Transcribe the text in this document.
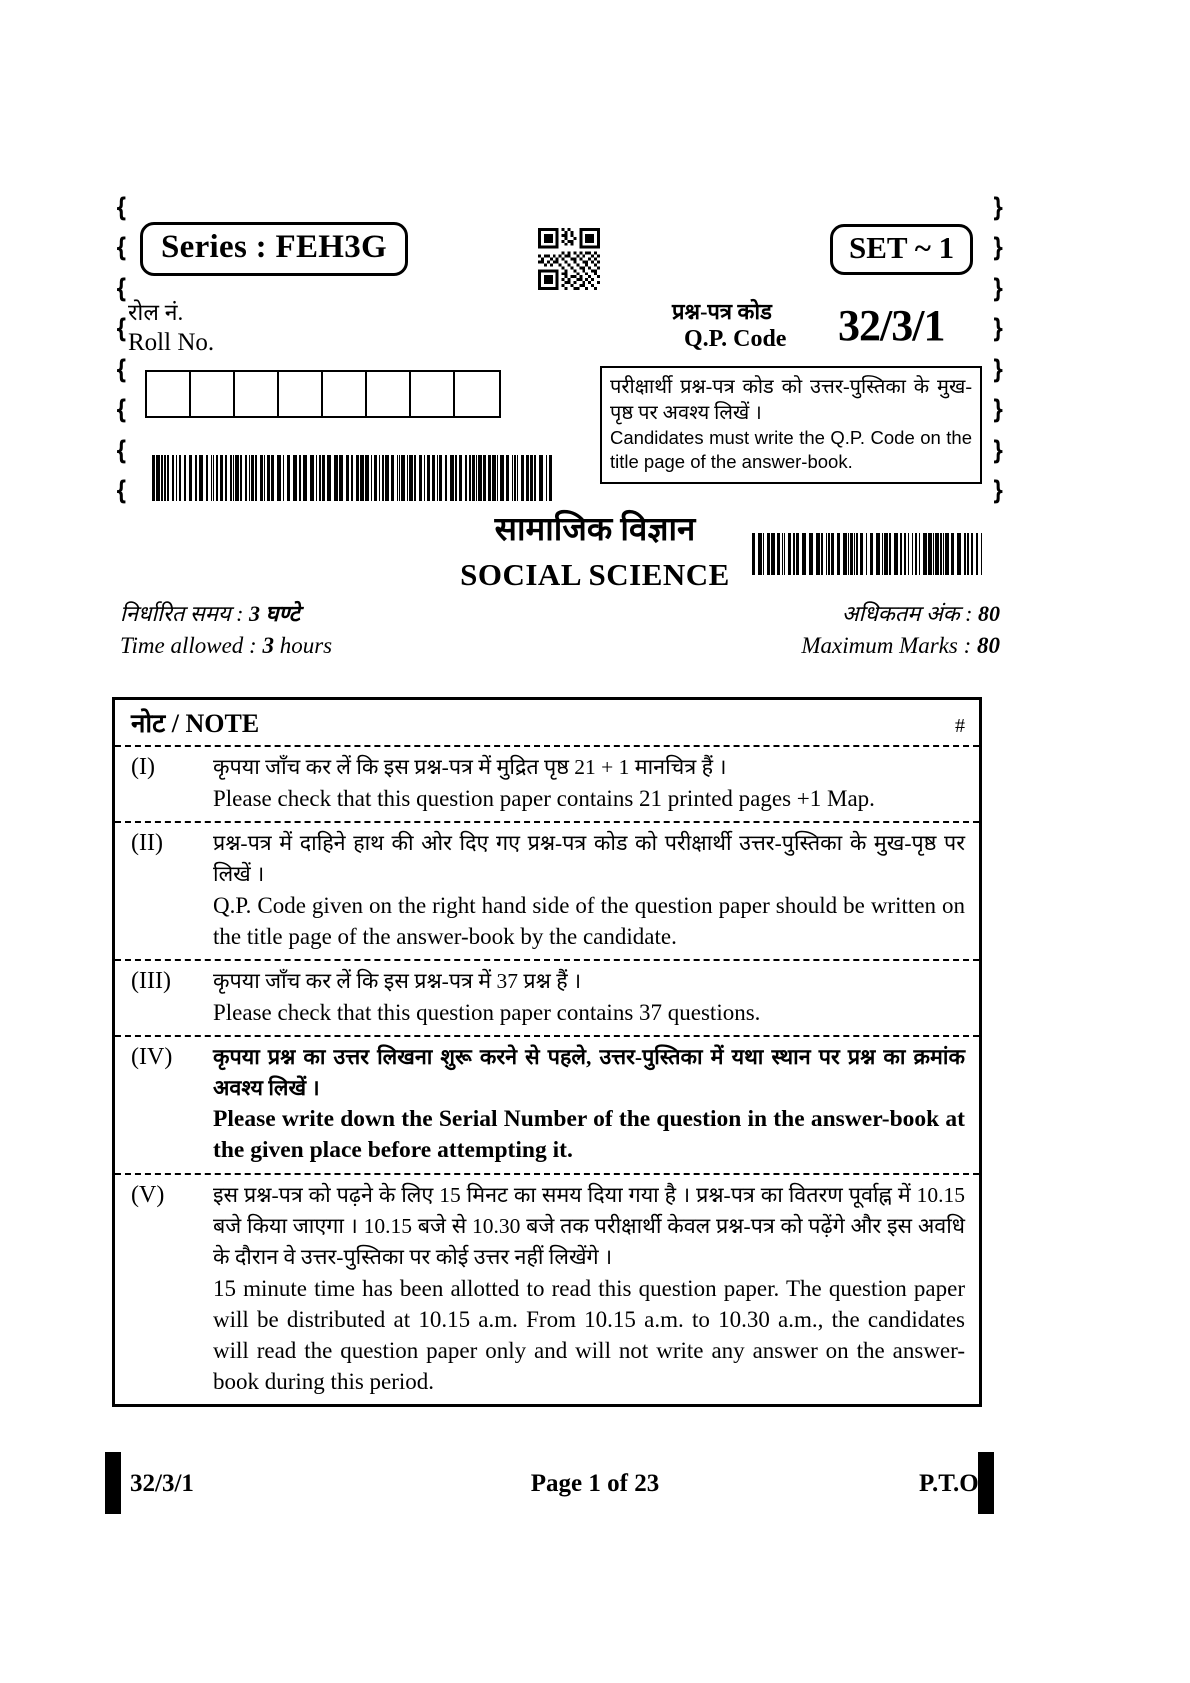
{
{
{
{
{
{
{
{
}
}
}
}
}
}
}
}
Series : FEH3G	SET ~ 1
रोल नं.
Roll No.
प्रश्न-पत्र कोड
Q.P. Code 32/3/1
परीक्षार्थी प्रश्न-पत्र कोड को उत्तर-पुस्तिका के मुख-पृष्ठ पर अवश्य लिखें ।
Candidates must write the Q.P. Code on the title page of the answer-book.
सामाजिक विज्ञान
SOCIAL SCIENCE
निर्धारित समय : 3 घण्टे
Time allowed : 3 hours
अधिकतम अंक : 80
Maximum Marks : 80
नोट / NOTE	#
(I)	कृपया जाँच कर लें कि इस प्रश्न-पत्र में मुद्रित पृष्ठ 21 + 1 मानचित्र हैं ।
Please check that this question paper contains 21 printed pages +1 Map.
(II)	प्रश्न-पत्र में दाहिने हाथ की ओर दिए गए प्रश्न-पत्र कोड को परीक्षार्थी उत्तर-पुस्तिका के मुख-पृष्ठ पर लिखें ।
Q.P. Code given on the right hand side of the question paper should be written on the title page of the answer-book by the candidate.
(III)	कृपया जाँच कर लें कि इस प्रश्न-पत्र में 37 प्रश्न हैं ।
Please check that this question paper contains 37 questions.
(IV)	कृपया प्रश्न का उत्तर लिखना शुरू करने से पहले, उत्तर-पुस्तिका में यथा स्थान पर प्रश्न का क्रमांक अवश्य लिखें ।
Please write down the Serial Number of the question in the answer-book at the given place before attempting it.
(V)	इस प्रश्न-पत्र को पढ़ने के लिए 15 मिनट का समय दिया गया है । प्रश्न-पत्र का वितरण पूर्वाह्न में 10.15 बजे किया जाएगा । 10.15 बजे से 10.30 बजे तक परीक्षार्थी केवल प्रश्न-पत्र को पढ़ेंगे और इस अवधि के दौरान वे उत्तर-पुस्तिका पर कोई उत्तर नहीं लिखेंगे ।
15 minute time has been allotted to read this question paper. The question paper will be distributed at 10.15 a.m. From 10.15 a.m. to 10.30 a.m., the candidates will read the question paper only and will not write any answer on the answer-book during this period.
32/3/1	Page 1 of 23	P.T.O.
